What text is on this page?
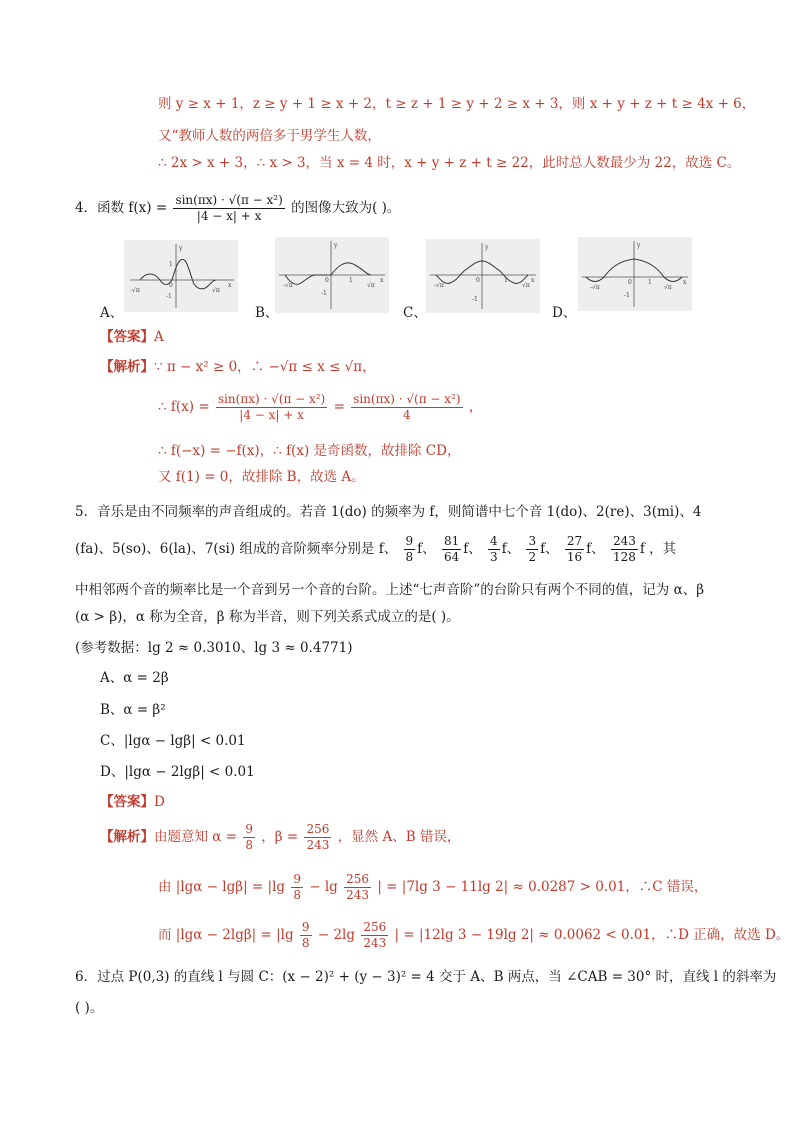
则 y ≥ x + 1，z ≥ y + 1 ≥ x + 2，t ≥ z + 1 ≥ y + 2 ≥ x + 3，则 x + y + z + t ≥ 4x + 6，
又“教师人数的两倍多于男学生人数，
∴ 2x > x + 3，∴ x > 3，当 x = 4 时，x + y + z + t ≥ 22，此时总人数最少为 22，故选 C。
4．函数 $f(x) = \frac{\text{sin(πx) · √(π − x²)}}{|4 - x| + x}$ 的图像大致为( )。
A、	B、	C、	D、
-√π	√π
0	x
y
1
-1
-√π	√π
0	x
y
1
-1
-√π	√π
0	x
y
1
-1
-√π	√π
0	x
y
1
-1
【答案】A
【解析】∵ π − x² ≥ 0，∴ −√π ≤ x ≤ √π，
∴ $f(x) = \frac{\text{sin(πx) · √(π − x²)}}{|4 - x| + x} = \frac{\text{sin(πx) · √(π − x²)}}{4}$ ，
∴ f(−x) = −f(x)，∴ f(x) 是奇函数，故排除 CD，
又 f(1) = 0，故排除 B，故选 A。
5．音乐是由不同频率的声音组成的。若音 1(do) 的频率为 f，则简谱中七个音 1(do)、2(re)、3(mi)、4
(fa)、5(so)、6(la)、7(si) 组成的音阶频率分别是 f、 $\frac{9}{8}$ f、 $\frac{81}{64}$ f、 $\frac{4}{3}$ f、 $\frac{3}{2}$ f、 $\frac{27}{16}$ f、 $\frac{243}{128}$ f ，其
中相邻两个音的频率比是一个音到另一个音的台阶。上述“七声音阶”的台阶只有两个不同的值，记为 α、β
(α > β)，α 称为全音，β 称为半音，则下列关系式成立的是( )。
(参考数据：lg 2 ≈ 0.3010、lg 3 ≈ 0.4771)
A、α = 2β
B、α = β²
C、|lgα − lgβ| < 0.01
D、|lgα − 2lgβ| < 0.01
【答案】D
【解析】由题意知 $\alpha = \frac{9}{8}$ ，$\beta = \frac{256}{243}$ ，显然 A、B 错误，
由 $|\lg\alpha - \lg\beta| = |\lg \frac{9}{8} - \lg \frac{256}{243}$ | = |7lg 3 − 11lg 2| ≈ 0.0287 > 0.01，∴C 错误，
而 $|\lg\alpha - 2\lg\beta| = |\lg \frac{9}{8} - 2\lg \frac{256}{243}$ | = |12lg 3 − 19lg 2| ≈ 0.0062 < 0.01，∴D 正确，故选 D。
6．过点 P(0,3) 的直线 l 与圆 C：(x − 2)² + (y − 3)² = 4 交于 A、B 两点，当 ∠CAB = 30° 时，直线 l 的斜率为
( )。
